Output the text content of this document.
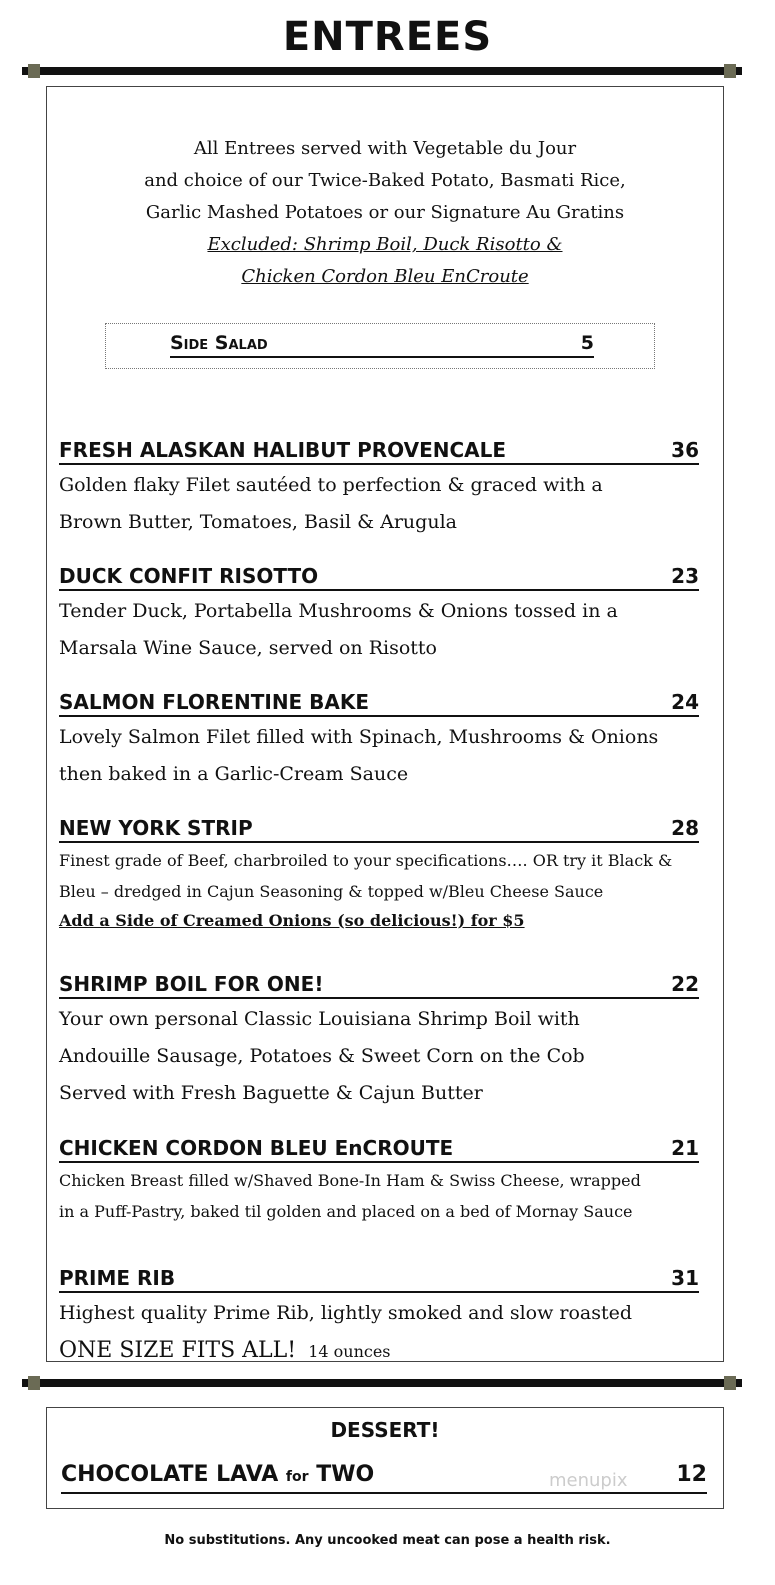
ENTREES
All Entrees served with Vegetable du Jour
and choice of our Twice-Baked Potato, Basmati Rice,
Garlic Mashed Potatoes or our Signature Au Gratins
Excluded: Shrimp Boil, Duck Risotto &
Chicken Cordon Bleu EnCroute
Side Salad	5
FRESH ALASKAN HALIBUT PROVENCALE	36
Golden flaky Filet sautéed to perfection & graced with a
Brown Butter, Tomatoes, Basil & Arugula
DUCK CONFIT RISOTTO	23
Tender Duck, Portabella Mushrooms & Onions tossed in a
Marsala Wine Sauce, served on Risotto
SALMON FLORENTINE BAKE	24
Lovely Salmon Filet filled with Spinach, Mushrooms & Onions
then baked in a Garlic-Cream Sauce
NEW YORK STRIP	28
Finest grade of Beef, charbroiled to your specifications…. OR try it Black &
Bleu – dredged in Cajun Seasoning & topped w/Bleu Cheese Sauce
Add a Side of Creamed Onions (so delicious!) for $5
SHRIMP BOIL FOR ONE!	22
Your own personal Classic Louisiana Shrimp Boil with
Andouille Sausage, Potatoes & Sweet Corn on the Cob
Served with Fresh Baguette & Cajun Butter
CHICKEN CORDON BLEU EnCROUTE	21
Chicken Breast filled w/Shaved Bone-In Ham & Swiss Cheese, wrapped
in a Puff-Pastry, baked til golden and placed on a bed of Mornay Sauce
PRIME RIB	31
Highest quality Prime Rib, lightly smoked and slow roasted
ONE SIZE FITS ALL! 14 ounces
DESSERT!
CHOCOLATE LAVA for TWO	menupix 12
No substitutions. Any uncooked meat can pose a health risk.
